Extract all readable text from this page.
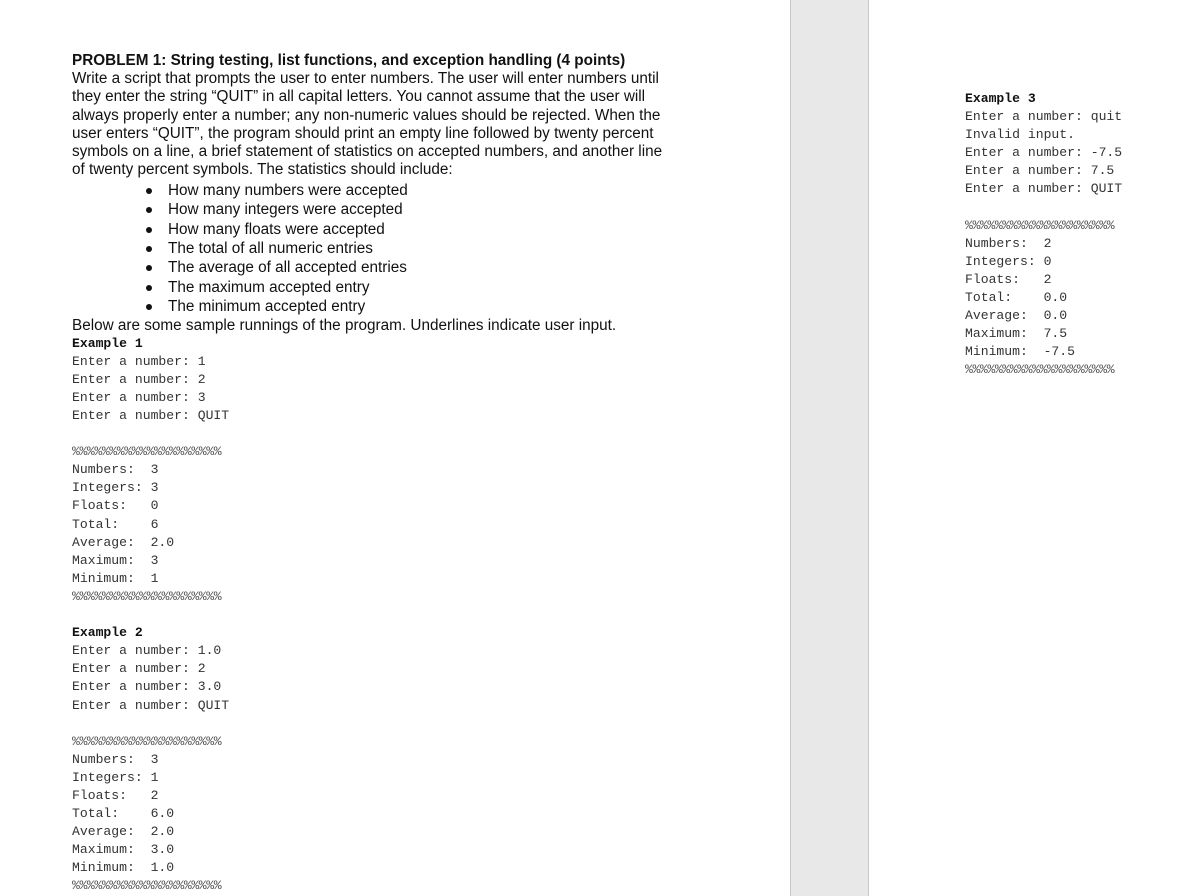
PROBLEM 1: String testing, list functions, and exception handling (4 points)

Write a script that prompts the user to enter numbers. The user will enter numbers until

they enter the string “QUIT” in all capital letters. You cannot assume that the user will

always properly enter a number; any non-numeric values should be rejected. When the

user enters “QUIT”, the program should print an empty line followed by twenty percent

symbols on a line, a brief statement of statistics on accepted numbers, and another line

of twenty percent symbols. The statistics should include:

How many numbers were accepted
How many integers were accepted
How many floats were accepted
The total of all numeric entries
The average of all accepted entries
The maximum accepted entry
The minimum accepted entry

Below are some sample runnings of the program. Underlines indicate user input.

Example 1

Enter a number: 1

Enter a number: 2

Enter a number: 3

Enter a number: QUIT

%%%%%%%%%%%%%%%%%%%%

Numbers:  3

Integers: 3

Floats:   0

Total:    6

Average:  2.0

Maximum:  3

Minimum:  1

%%%%%%%%%%%%%%%%%%%%

Example 2

Enter a number: 1.0

Enter a number: 2

Enter a number: 3.0

Enter a number: QUIT

%%%%%%%%%%%%%%%%%%%%

Numbers:  3

Integers: 1

Floats:   2

Total:    6.0

Average:  2.0

Maximum:  3.0

Minimum:  1.0

%%%%%%%%%%%%%%%%%%%%

Example 3

Enter a number: quit

Invalid input.

Enter a number: -7.5

Enter a number: 7.5

Enter a number: QUIT

%%%%%%%%%%%%%%%%%%%%

Numbers:  2

Integers: 0

Floats:   2

Total:    0.0

Average:  0.0

Maximum:  7.5

Minimum:  -7.5

%%%%%%%%%%%%%%%%%%%%
